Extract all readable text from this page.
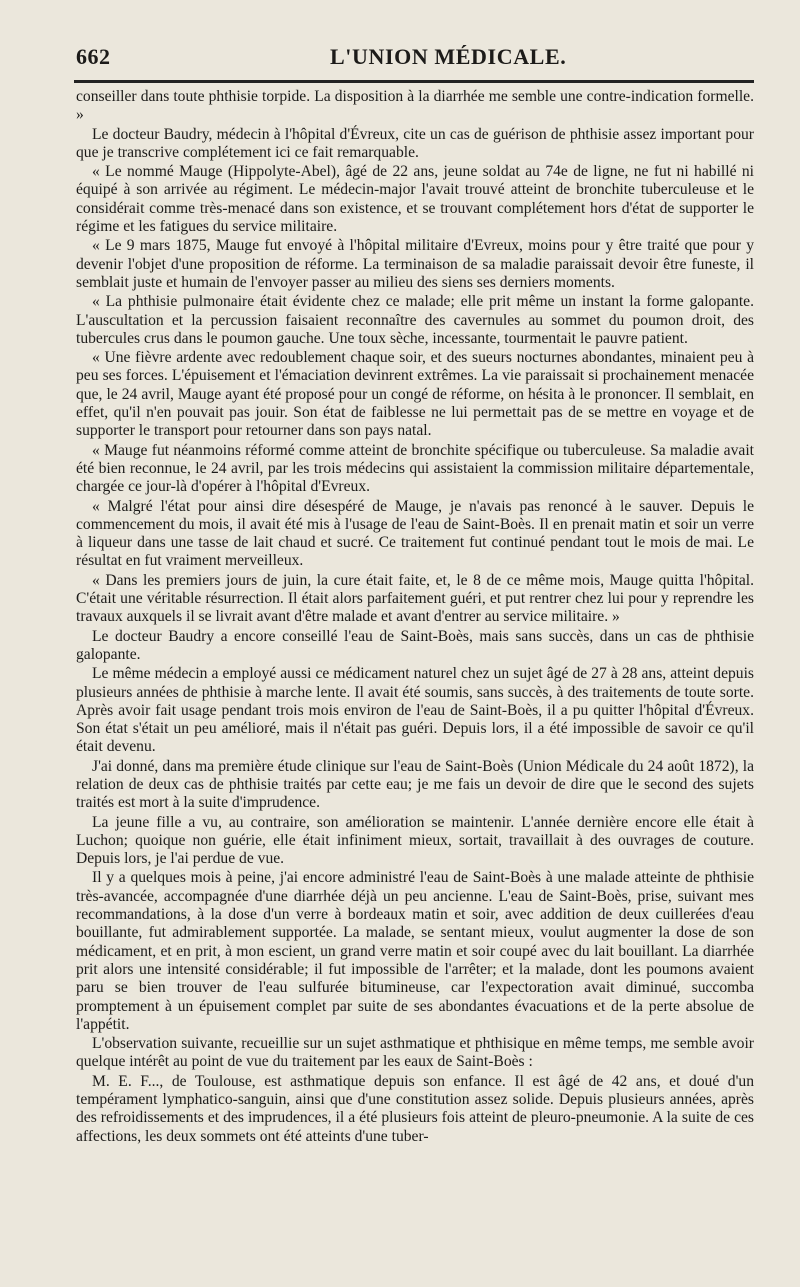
662	L'UNION MÉDICALE.

conseiller dans toute phthisie torpide. La disposition à la diarrhée me semble une contre-indication formelle. »

Le docteur Baudry, médecin à l'hôpital d'Évreux, cite un cas de guérison de phthisie assez important pour que je transcrive complétement ici ce fait remarquable.

« Le nommé Mauge (Hippolyte-Abel), âgé de 22 ans, jeune soldat au 74e de ligne, ne fut ni habillé ni équipé à son arrivée au régiment. Le médecin-major l'avait trouvé atteint de bronchite tuberculeuse et le considérait comme très-menacé dans son existence, et se trouvant complétement hors d'état de supporter le régime et les fatigues du service militaire.

« Le 9 mars 1875, Mauge fut envoyé à l'hôpital militaire d'Evreux, moins pour y être traité que pour y devenir l'objet d'une proposition de réforme. La terminaison de sa maladie paraissait devoir être funeste, il semblait juste et humain de l'envoyer passer au milieu des siens ses derniers moments.

« La phthisie pulmonaire était évidente chez ce malade; elle prit même un instant la forme galopante. L'auscultation et la percussion faisaient reconnaître des cavernules au sommet du poumon droit, des tubercules crus dans le poumon gauche. Une toux sèche, incessante, tourmentait le pauvre patient.

« Une fièvre ardente avec redoublement chaque soir, et des sueurs nocturnes abondantes, minaient peu à peu ses forces. L'épuisement et l'émaciation devinrent extrêmes. La vie paraissait si prochainement menacée que, le 24 avril, Mauge ayant été proposé pour un congé de réforme, on hésita à le prononcer. Il semblait, en effet, qu'il n'en pouvait pas jouir. Son état de faiblesse ne lui permettait pas de se mettre en voyage et de supporter le transport pour retourner dans son pays natal.

« Mauge fut néanmoins réformé comme atteint de bronchite spécifique ou tuberculeuse. Sa maladie avait été bien reconnue, le 24 avril, par les trois médecins qui assistaient la commission militaire départementale, chargée ce jour-là d'opérer à l'hôpital d'Evreux.

« Malgré l'état pour ainsi dire désespéré de Mauge, je n'avais pas renoncé à le sauver. Depuis le commencement du mois, il avait été mis à l'usage de l'eau de Saint-Boès. Il en prenait matin et soir un verre à liqueur dans une tasse de lait chaud et sucré. Ce traitement fut continué pendant tout le mois de mai. Le résultat en fut vraiment merveilleux.

« Dans les premiers jours de juin, la cure était faite, et, le 8 de ce même mois, Mauge quitta l'hôpital. C'était une véritable résurrection. Il était alors parfaitement guéri, et put rentrer chez lui pour y reprendre les travaux auxquels il se livrait avant d'être malade et avant d'entrer au service militaire. »

Le docteur Baudry a encore conseillé l'eau de Saint-Boès, mais sans succès, dans un cas de phthisie galopante.

Le même médecin a employé aussi ce médicament naturel chez un sujet âgé de 27 à 28 ans, atteint depuis plusieurs années de phthisie à marche lente. Il avait été soumis, sans succès, à des traitements de toute sorte. Après avoir fait usage pendant trois mois environ de l'eau de Saint-Boès, il a pu quitter l'hôpital d'Évreux. Son état s'était un peu amélioré, mais il n'était pas guéri. Depuis lors, il a été impossible de savoir ce qu'il était devenu.

J'ai donné, dans ma première étude clinique sur l'eau de Saint-Boès (Union Médicale du 24 août 1872), la relation de deux cas de phthisie traités par cette eau; je me fais un devoir de dire que le second des sujets traités est mort à la suite d'imprudence.

La jeune fille a vu, au contraire, son amélioration se maintenir. L'année dernière encore elle était à Luchon; quoique non guérie, elle était infiniment mieux, sortait, travaillait à des ouvrages de couture. Depuis lors, je l'ai perdue de vue.

Il y a quelques mois à peine, j'ai encore administré l'eau de Saint-Boès à une malade atteinte de phthisie très-avancée, accompagnée d'une diarrhée déjà un peu ancienne. L'eau de Saint-Boès, prise, suivant mes recommandations, à la dose d'un verre à bordeaux matin et soir, avec addition de deux cuillerées d'eau bouillante, fut admirablement supportée. La malade, se sentant mieux, voulut augmenter la dose de son médicament, et en prit, à mon escient, un grand verre matin et soir coupé avec du lait bouillant. La diarrhée prit alors une intensité considérable; il fut impossible de l'arrêter; et la malade, dont les poumons avaient paru se bien trouver de l'eau sulfurée bitumineuse, car l'expectoration avait diminué, succomba promptement à un épuisement complet par suite de ses abondantes évacuations et de la perte absolue de l'appétit.

L'observation suivante, recueillie sur un sujet asthmatique et phthisique en même temps, me semble avoir quelque intérêt au point de vue du traitement par les eaux de Saint-Boès :

M. E. F..., de Toulouse, est asthmatique depuis son enfance. Il est âgé de 42 ans, et doué d'un tempérament lymphatico-sanguin, ainsi que d'une constitution assez solide. Depuis plusieurs années, après des refroidissements et des imprudences, il a été plusieurs fois atteint de pleuro-pneumonie. A la suite de ces affections, les deux sommets ont été atteints d'une tuber-
